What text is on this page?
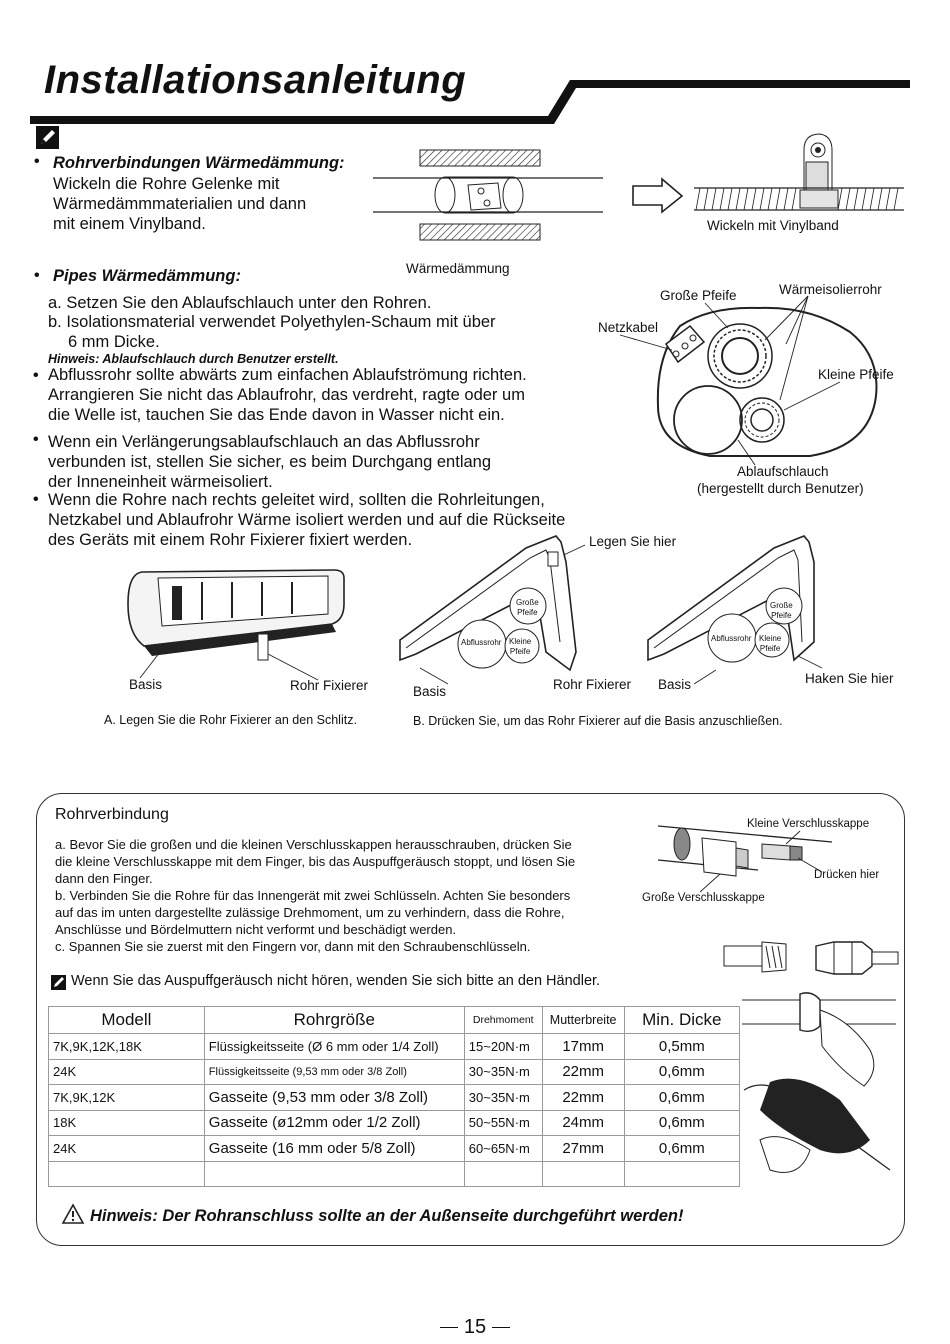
Installationsanleitung
• Rohrverbindungen Wärmedämmung:
Wickeln die Rohre Gelenke mit
Wärmedämmmaterialien und dann
mit einem Vinylband.
Wärmedämmung
Wickeln mit Vinylband
• Pipes Wärmedämmung:
a. Setzen Sie den Ablaufschlauch unter den Rohren.
b. Isolationsmaterial verwendet Polyethylen-Schaum mit über
6 mm Dicke.
Hinweis: Ablaufschlauch durch Benutzer erstellt.
• Abflussrohr sollte abwärts zum einfachen Ablaufströmung richten.
Arrangieren Sie nicht das Ablaufrohr, das verdreht, ragte oder um
die Welle ist, tauchen Sie das Ende davon in Wasser nicht ein.
• Wenn ein Verlängerungsablaufschlauch an das Abflussrohr
verbunden ist, stellen Sie sicher, es beim Durchgang entlang
der Inneneinheit wärmeisoliert.
• Wenn die Rohre nach rechts geleitet wird, sollten die Rohrleitungen,
Netzkabel und Ablaufrohr Wärme isoliert werden und auf die Rückseite
des Geräts mit einem Rohr Fixierer fixiert werden.
Große Pfeife	Wärmeisolierrohr
Netzkabel
Kleine Pfeife
Ablaufschlauch
(hergestellt durch Benutzer)
Große
Pfeife
Abflussrohr Kleine
Pfeife
Große
Pfeife
Abflussrohr Kleine
Pfeife
Legen Sie hier
Basis	Rohr Fixierer	Basis	Rohr Fixierer Basis	Haken Sie hier
A. Legen Sie die Rohr Fixierer an den Schlitz.	B. Drücken Sie, um das Rohr Fixierer auf die Basis anzuschließen.
Rohrverbindung
a. Bevor Sie die großen und die kleinen Verschlusskappen herausschrauben, drücken Sie
die kleine Verschlusskappe mit dem Finger, bis das Auspuffgeräusch stoppt, und lösen Sie
dann den Finger.
b. Verbinden Sie die Rohre für das Innengerät mit zwei Schlüsseln. Achten Sie besonders
auf das im unten dargestellte zulässige Drehmoment, um zu verhindern, dass die Rohre,
Anschlüsse und Bördelmuttern nicht verformt und beschädigt werden.
c. Spannen Sie sie zuerst mit den Fingern vor, dann mit den Schraubenschlüsseln.
Kleine Verschlusskappe
Drücken hier
Große Verschlusskappe
Wenn Sie das Auspuffgeräusch nicht hören, wenden Sie sich bitte an den Händler.
Modell	Rohrgröße	Drehmoment	Mutterbreite	Min. Dicke
7K,9K,12K,18K	Flüssigkeitsseite (Ø 6 mm oder 1/4 Zoll)	15~20N·m	17mm	0,5mm
24K	Flüssigkeitsseite (9,53 mm oder 3/8 Zoll)	30~35N·m	22mm	0,6mm
7K,9K,12K	Gasseite (9,53 mm oder 3/8 Zoll)	30~35N·m	22mm	0,6mm
18K	Gasseite (ø12mm oder 1/2 Zoll)	50~55N·m	24mm	0,6mm
24K	Gasseite (16 mm oder 5/8 Zoll)	60~65N·m	27mm	0,6mm

Hinweis: Der Rohranschluss sollte an der Außenseite durchgeführt werden!
15
